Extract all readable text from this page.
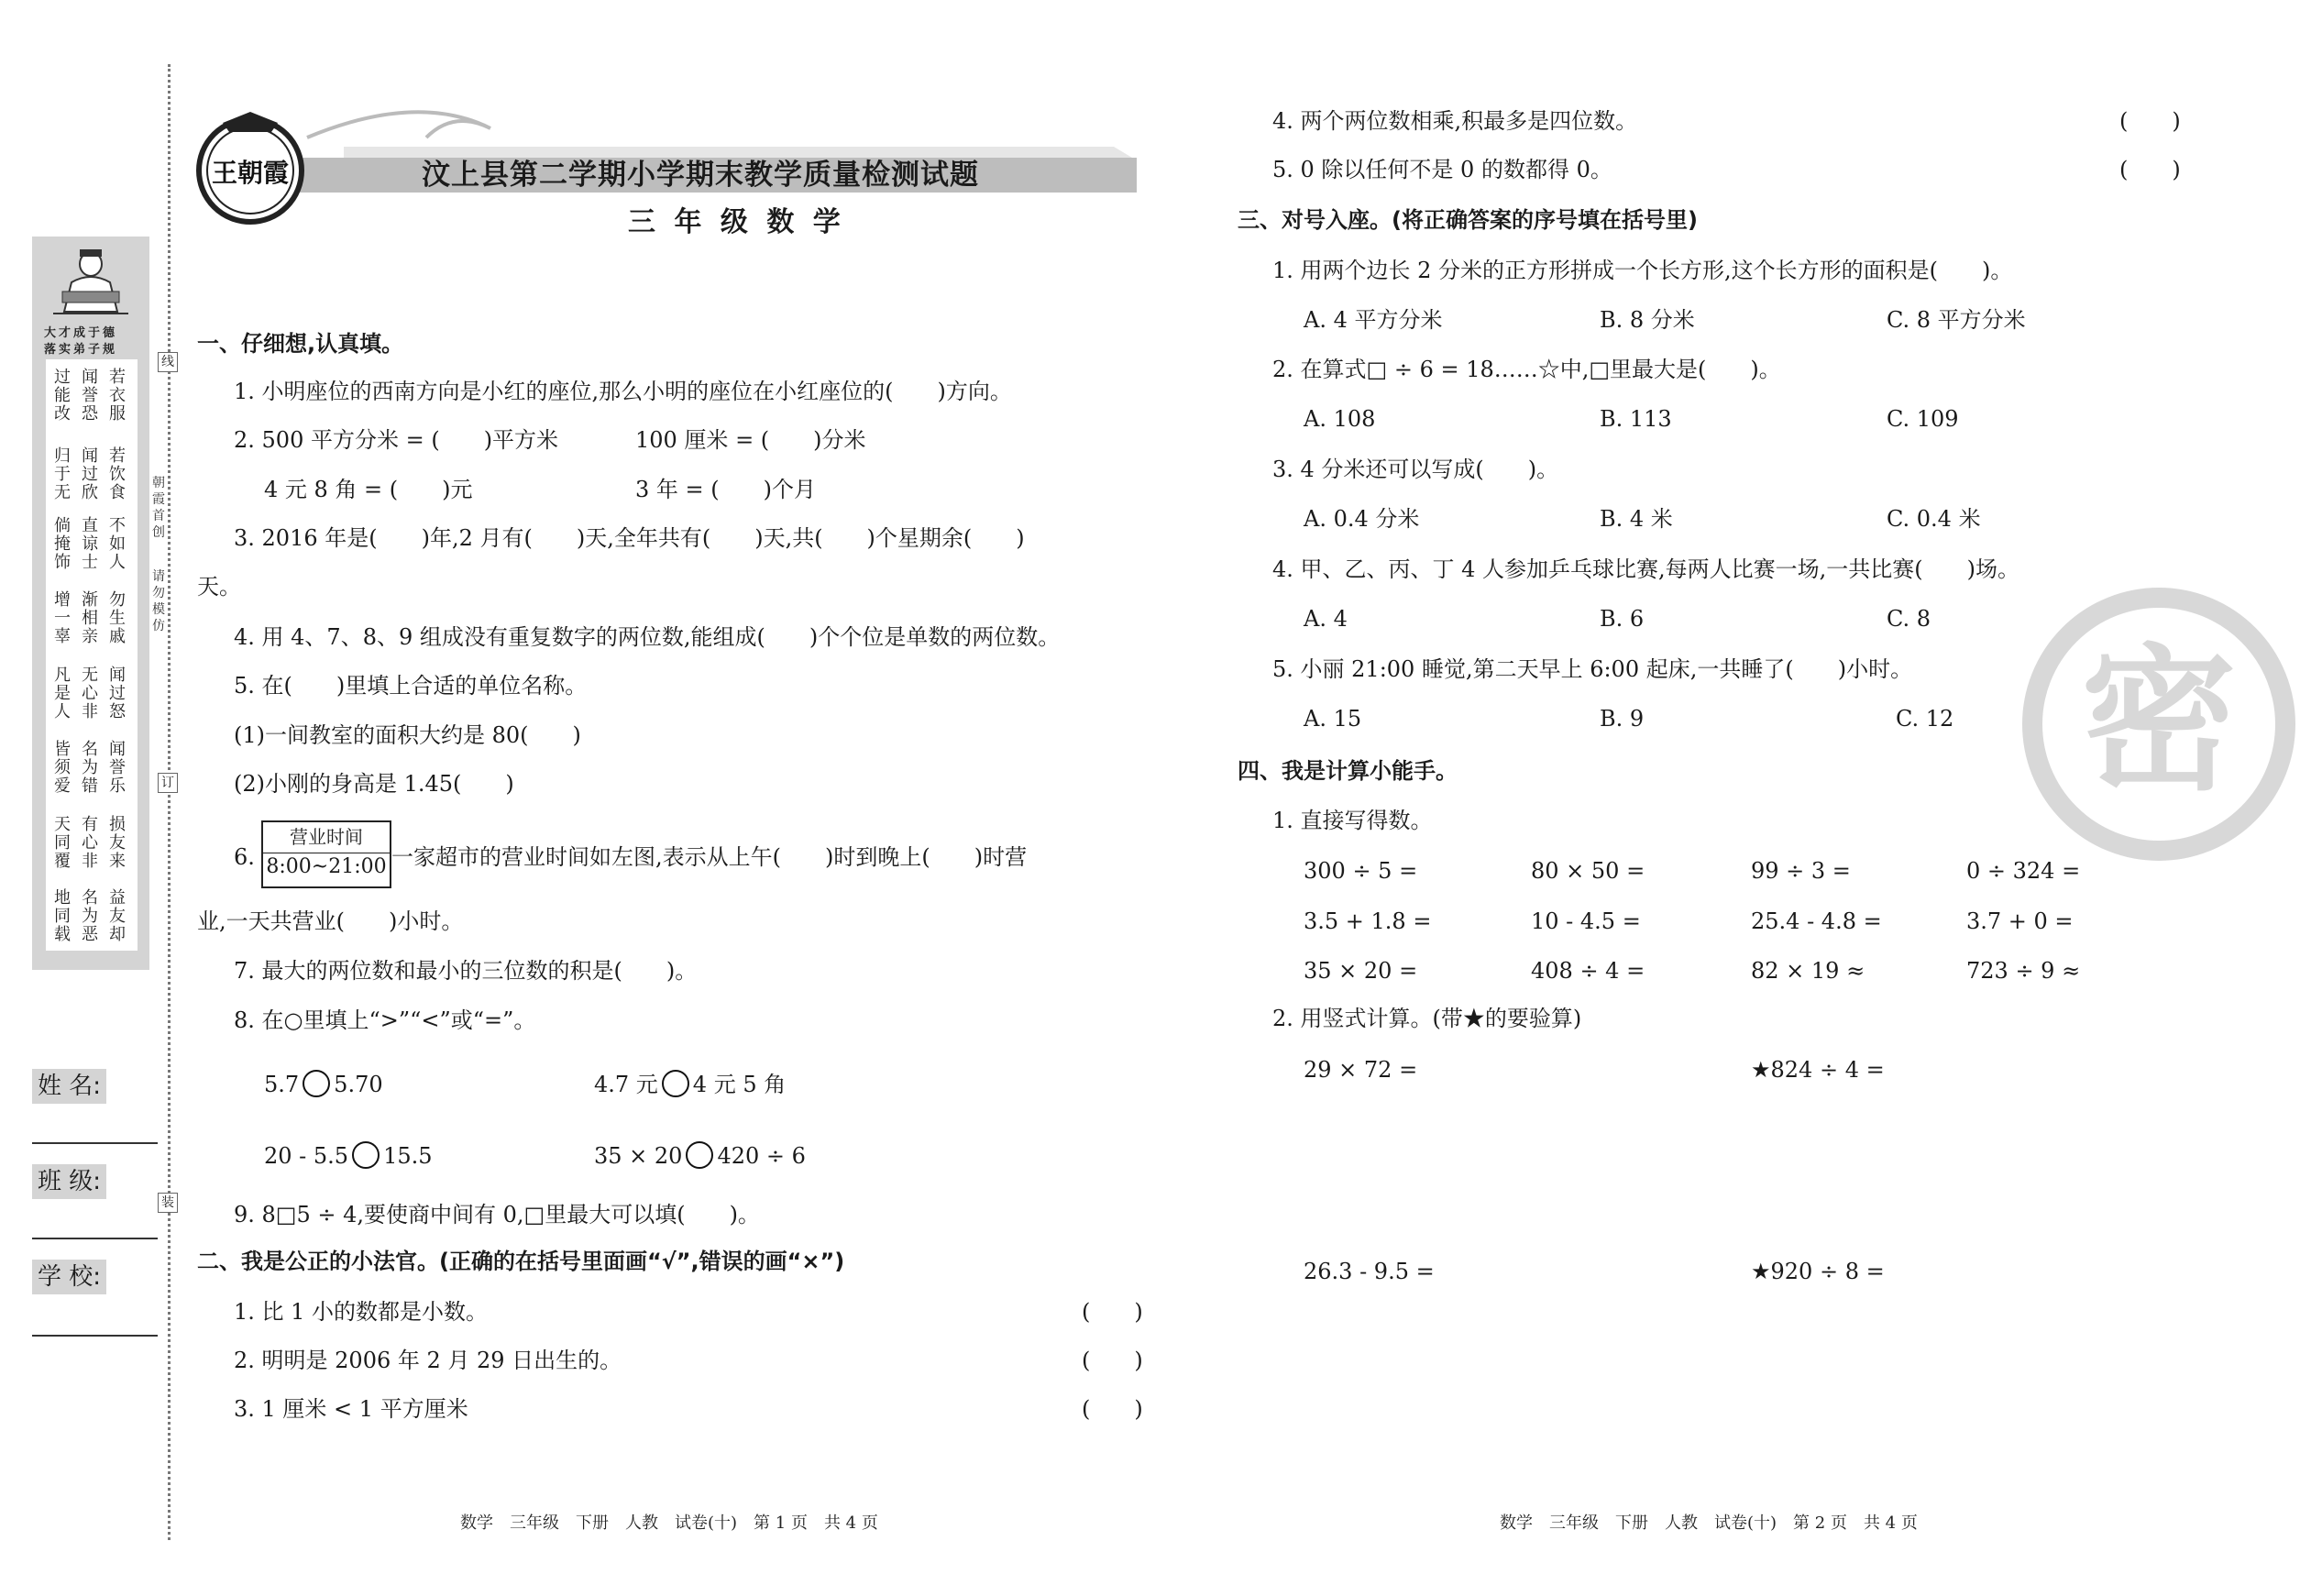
大才成于德
落实弟子规
过能改
闻誉恐
若衣服
归于无
闻过欣
若饮食
倘掩饰
直谅士
不如人
增一辜
渐相亲
勿生戚
凡是人
无心非
闻过怒
皆须爱
名为错
闻誉乐
天同覆
有心非
损友来
地同载
名为恶
益友却
线
朝霞首创
请勿模仿
订
装
姓 名:
班 级:
学 校:
王朝霞	汶上县第二学期小学期末教学质量检测试题
三 年 级 数 学
一、仔细想,认真填。
1. 小明座位的西南方向是小红的座位,那么小明的座位在小红座位的(　　)方向。
2. 500 平方分米 = (　　)平方米	100 厘米 = (　　)分米
4 元 8 角 = (　　)元	3 年 = (　　)个月
3. 2016 年是(　　)年,2 月有(　　)天,全年共有(　　)天,共(　　)个星期余(　　)
天。
4. 用 4、7、8、9 组成没有重复数字的两位数,能组成(　　)个个位是单数的两位数。
5. 在(　　)里填上合适的单位名称。
(1)一间教室的面积大约是 80(　　)
(2)小刚的身高是 1.45(　　)
6.
营业时间
8:00~21:00 一家超市的营业时间如左图,表示从上午(　　)时到晚上(　　)时营
业,一天共营业(　　)小时。
7. 最大的两位数和最小的三位数的积是(　　)。
8. 在○里填上“>”“<”或“=”。
5.7 5.70	4.7 元 4 元 5 角
20 - 5.5 15.5	35 × 20 420 ÷ 6
9. 8□5 ÷ 4,要使商中间有 0,□里最大可以填(　　)。
二、我是公正的小法官。(正确的在括号里面画“√”,错误的画“×”)
1. 比 1 小的数都是小数。	(　　)
2. 明明是 2006 年 2 月 29 日出生的。	(　　)
3. 1 厘米 < 1 平方厘米	(　　)
数学　三年级　下册　人教　试卷(十)　第 1 页　共 4 页
密
4. 两个两位数相乘,积最多是四位数。	(　　)
5. 0 除以任何不是 0 的数都得 0。	(　　)
三、对号入座。(将正确答案的序号填在括号里)
1. 用两个边长 2 分米的正方形拼成一个长方形,这个长方形的面积是(　　)。
A. 4 平方分米	B. 8 分米	C. 8 平方分米
2. 在算式□ ÷ 6 = 18……☆中,□里最大是(　　)。
A. 108	B. 113	C. 109
3. 4 分米还可以写成(　　)。
A. 0.4 分米	B. 4 米	C. 0.4 米
4. 甲、乙、丙、丁 4 人参加乒乓球比赛,每两人比赛一场,一共比赛(　　)场。
A. 4	B. 6	C. 8
5. 小丽 21:00 睡觉,第二天早上 6:00 起床,一共睡了(　　)小时。
A. 15	B. 9	C. 12
四、我是计算小能手。
1. 直接写得数。
300 ÷ 5 =	80 × 50 =	99 ÷ 3 =	0 ÷ 324 =
3.5 + 1.8 =	10 - 4.5 =	25.4 - 4.8 =	3.7 + 0 =
35 × 20 =	408 ÷ 4 =	82 × 19 ≈	723 ÷ 9 ≈
2. 用竖式计算。(带★的要验算)
29 × 72 =	★824 ÷ 4 =
26.3 - 9.5 =	★920 ÷ 8 =
数学　三年级　下册　人教　试卷(十)　第 2 页　共 4 页
